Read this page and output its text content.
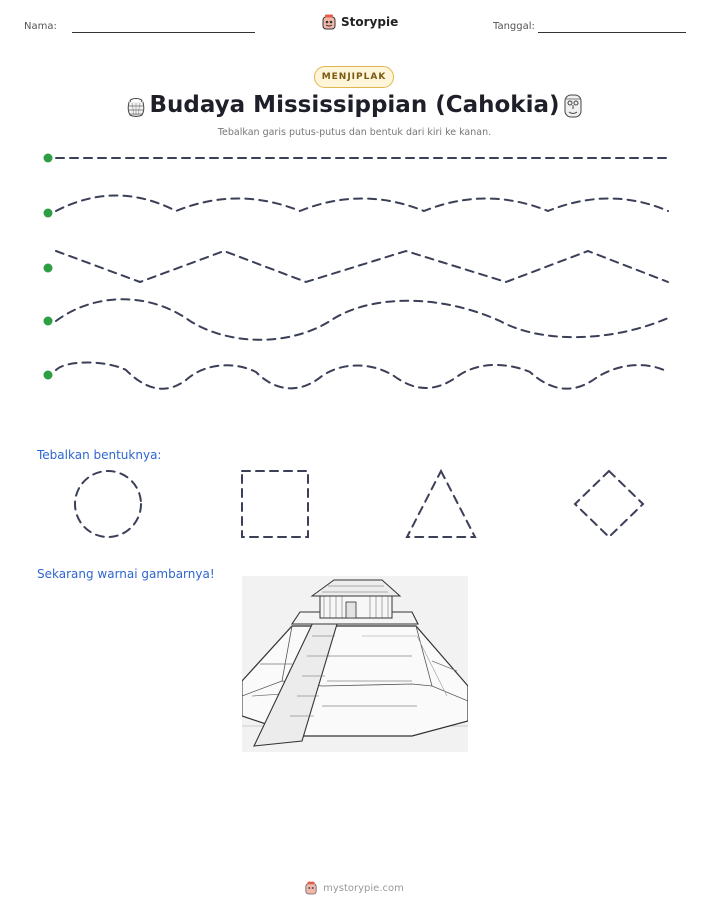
Nama:	Storypie	Tanggal:
MENJIPLAK
Budaya Mississippian (Cahokia)
Tebalkan garis putus-putus dan bentuk dari kiri ke kanan.
Tebalkan bentuknya:
Sekarang warnai gambarnya!
mystorypie.com
